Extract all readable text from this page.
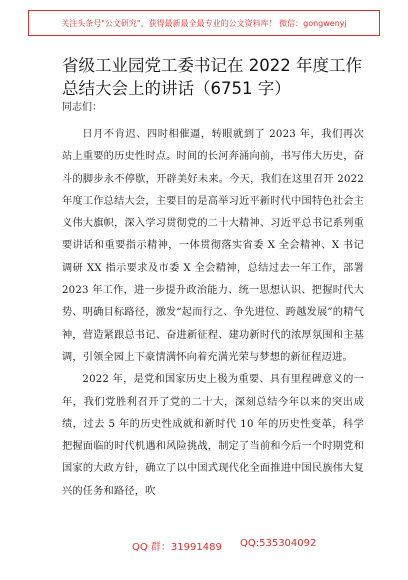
关注头条号"公文研究"，获得最新最全最专业的公文资料库！ 微信：gongwenyj
省级工业园党工委书记在 2022 年度工作总结大会上的讲话（6751 字）
同志们：

日月不肯迟、四时相催逼，转眼就到了 2023 年，我们再次站上重要的历史性时点。时间的长河奔涌向前，书写伟大历史，奋斗的脚步永不停歇，开辟美好未来。今天，我们在这里召开 2022 年度工作总结大会，主要目的是高举习近平新时代中国特色社会主义伟大旗帜，深入学习贯彻党的二十大精神、习近平总书记系列重要讲话和重要指示精神，一体贯彻落实省委 X 全会精神、X 书记调研 XX 指示要求及市委 X 全会精神，总结过去一年工作，部署 2023 年工作，进一步提升政治能力、统一思想认识、把握时代大势、明确目标路径，激发“起而行之、争先进位、跨越发展”的精气神，营造紧跟总书记、奋进新征程、建功新时代的浓厚氛围和主基调，引领全园上下豪情满怀向着充满光荣与梦想的新征程迈进。

2022 年，是党和国家历史上极为重要、具有里程碑意义的一年，我们党胜利召开了党的二十大，深刻总结今年以来的突出成绩，过去 5 年的历史性成就和新时代 10 年的历史性变革，科学把握面临的时代机遇和风险挑战，制定了当前和今后一个时期党和国家的大政方针，确立了以中国式现代化全面推进中国民族伟大复兴的任务和路径，吹

QQ 群：31991489 QQ:535304092
